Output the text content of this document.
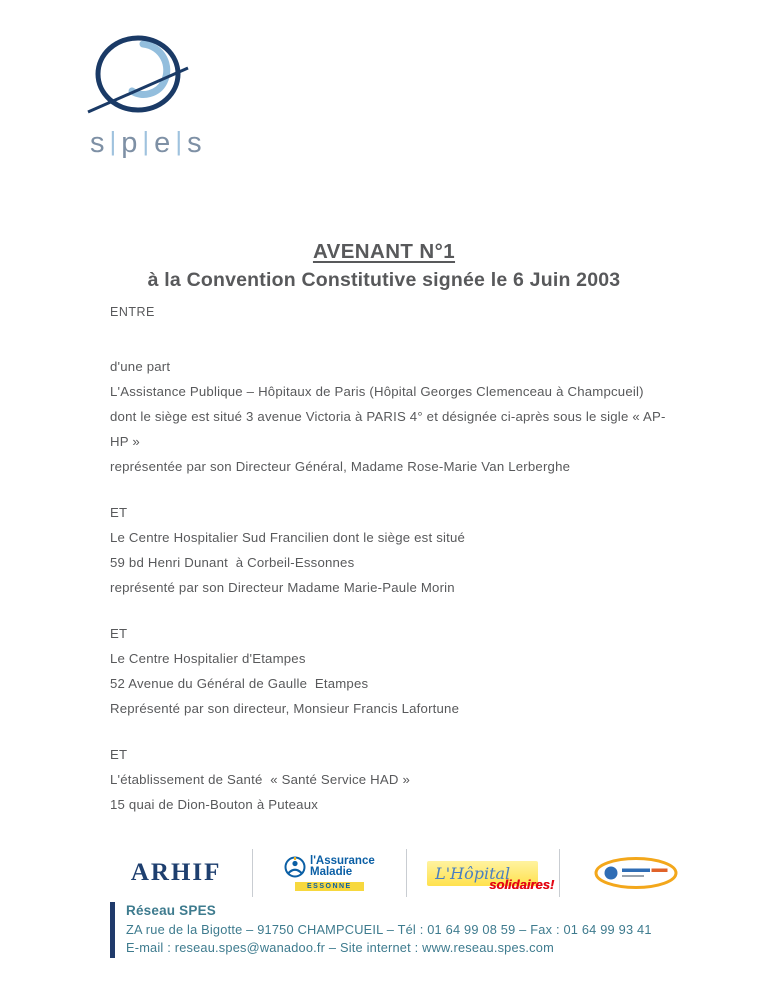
s | p | e | s
AVENANT N°1
à la Convention Constitutive signée le 6 Juin 2003
ENTRE
d'une part
L'Assistance Publique – Hôpitaux de Paris (Hôpital Georges Clemenceau à Champcueil)
dont le siège est situé 3 avenue Victoria à PARIS 4° et désignée ci-après sous le sigle « AP-HP »
représentée par son Directeur Général, Madame Rose-Marie Van Lerberghe
ET
Le Centre Hospitalier Sud Francilien dont le siège est situé
59 bd Henri Dunant  à Corbeil-Essonnes
représenté par son Directeur Madame Marie-Paule Morin
ET
Le Centre Hospitalier d'Etampes
52 Avenue du Général de Gaulle  Etampes
Représenté par son directeur, Monsieur Francis Lafortune
ET
L'établissement de Santé  « Santé Service HAD »
15 quai de Dion-Bouton à Puteaux
ARHIF	l'Assurance
Maladie
ESSONNE
L'Hôpital
solidaires!
Réseau SPES
ZA rue de la Bigotte – 91750 CHAMPCUEIL – Tél : 01 64 99 08 59 – Fax : 01 64 99 93 41
E-mail : reseau.spes@wanadoo.fr – Site internet : www.reseau.spes.com
